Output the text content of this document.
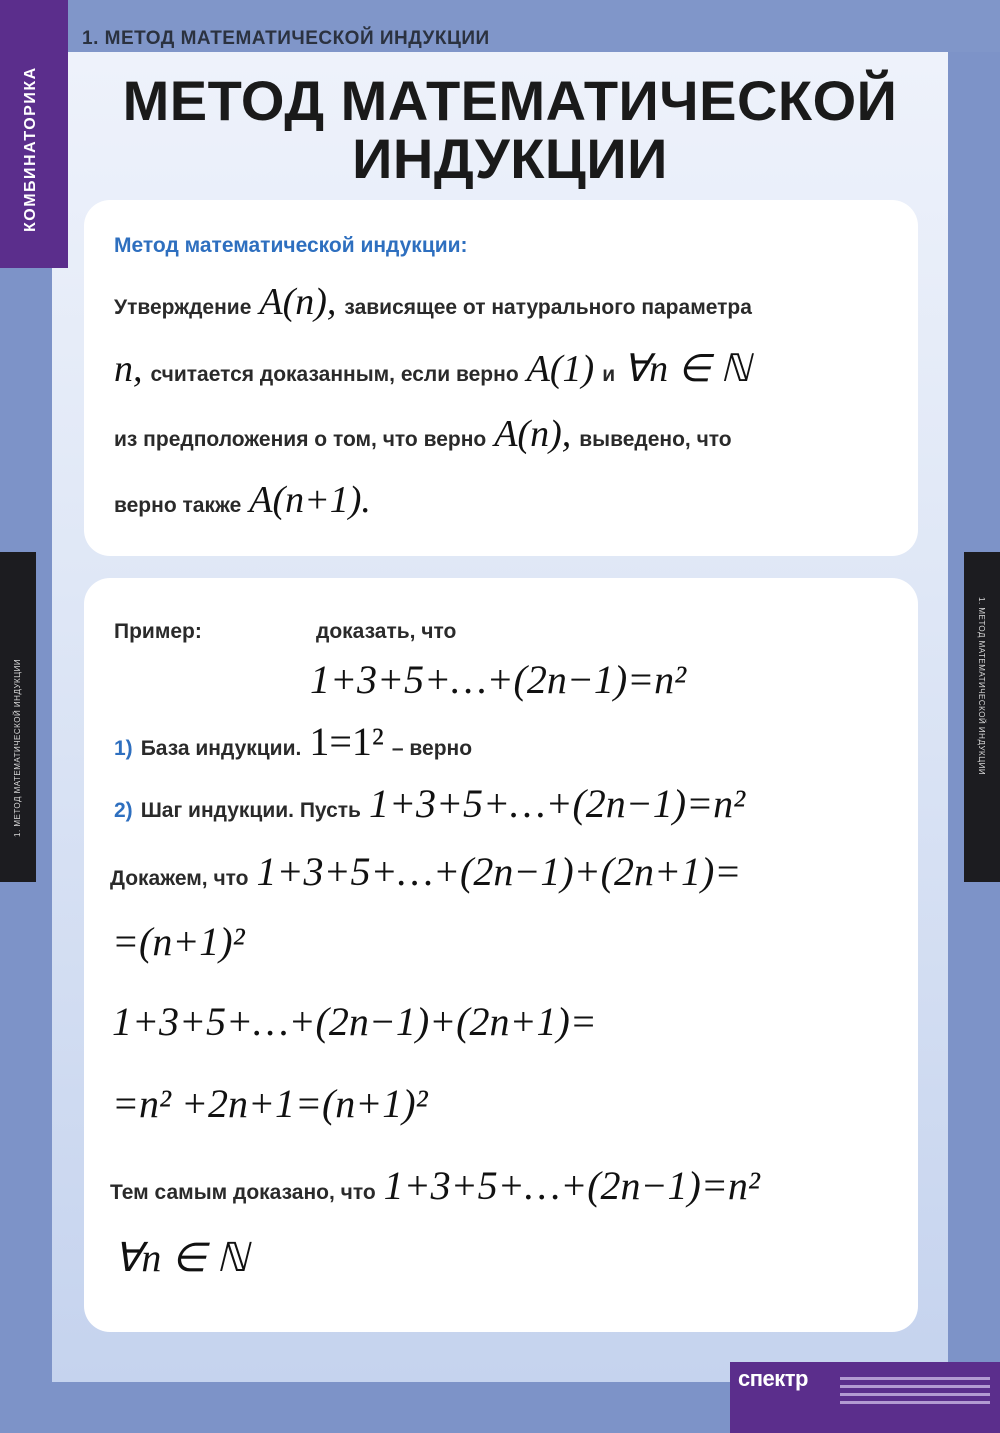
КОМБИНАТОРИКА
1. МЕТОД МАТЕМАТИЧЕСКОЙ ИНДУКЦИИ
1. МЕТОД МАТЕМАТИЧЕСКОЙ ИНДУКЦИИ	1. МЕТОД МАТЕМАТИЧЕСКОЙ ИНДУКЦИИ
МЕТОД МАТЕМАТИЧЕСКОЙ
ИНДУКЦИИ
Метод математической индукции:
Утверждение A(n), зависящее от натурального параметра
n, считается доказанным, если верно A(1) и ∀n ∈ ℕ
из предположения о том, что верно A(n), выведено, что
верно также A(n+1).
Пример:	доказать, что
1+3+5+…+(2n−1)=n²
1) База индукции. 1=1² – верно
2) Шаг индукции. Пусть 1+3+5+…+(2n−1)=n²
Докажем, что 1+3+5+…+(2n−1)+(2n+1)=
=(n+1)²
1+3+5+…+(2n−1)+(2n+1)=
=n² +2n+1=(n+1)²
Тем самым доказано, что 1+3+5+…+(2n−1)=n²
∀n ∈ ℕ
спектр
